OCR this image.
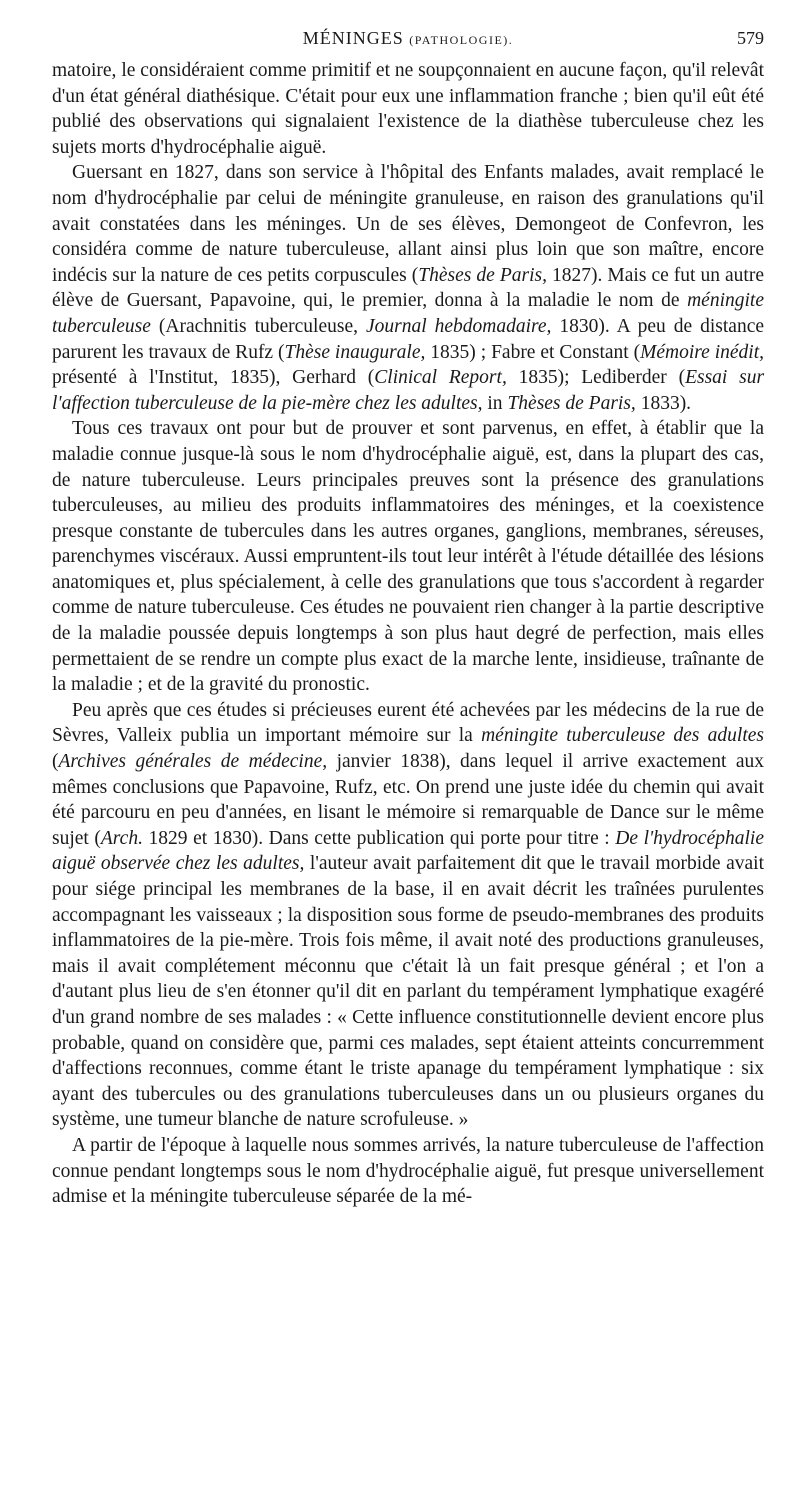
MÉNINGES (PATHOLOGIE).	579

matoire, le considéraient comme primitif et ne soupçonnaient en aucune façon, qu'il relevât d'un état général diathésique. C'était pour eux une inflammation franche ; bien qu'il eût été publié des observations qui signalaient l'existence de la diathèse tuberculeuse chez les sujets morts d'hydrocéphalie aiguë.

Guersant en 1827, dans son service à l'hôpital des Enfants malades, avait remplacé le nom d'hydrocéphalie par celui de méningite granuleuse, en raison des granulations qu'il avait constatées dans les méninges. Un de ses élèves, Demongeot de Confevron, les considéra comme de nature tuberculeuse, allant ainsi plus loin que son maître, encore indécis sur la nature de ces petits corpuscules (Thèses de Paris, 1827). Mais ce fut un autre élève de Guersant, Papavoine, qui, le premier, donna à la maladie le nom de méningite tuberculeuse (Arachnitis tuberculeuse, Journal hebdomadaire, 1830). A peu de distance parurent les travaux de Rufz (Thèse inaugurale, 1835) ; Fabre et Constant (Mémoire inédit, présenté à l'Institut, 1835), Gerhard (Clinical Report, 1835); Lediberder (Essai sur l'affection tuberculeuse de la pie-mère chez les adultes, in Thèses de Paris, 1833).

Tous ces travaux ont pour but de prouver et sont parvenus, en effet, à établir que la maladie connue jusque-là sous le nom d'hydrocéphalie aiguë, est, dans la plupart des cas, de nature tuberculeuse. Leurs principales preuves sont la présence des granulations tuberculeuses, au milieu des produits inflammatoires des méninges, et la coexistence presque constante de tubercules dans les autres organes, ganglions, membranes, séreuses, parenchymes viscéraux. Aussi empruntent-ils tout leur intérêt à l'étude détaillée des lésions anatomiques et, plus spécialement, à celle des granulations que tous s'accordent à regarder comme de nature tuberculeuse. Ces études ne pouvaient rien changer à la partie descriptive de la maladie poussée depuis longtemps à son plus haut degré de perfection, mais elles permettaient de se rendre un compte plus exact de la marche lente, insidieuse, traînante de la maladie ; et de la gravité du pronostic.

Peu après que ces études si précieuses eurent été achevées par les médecins de la rue de Sèvres, Valleix publia un important mémoire sur la méningite tuberculeuse des adultes (Archives générales de médecine, janvier 1838), dans lequel il arrive exactement aux mêmes conclusions que Papavoine, Rufz, etc. On prend une juste idée du chemin qui avait été parcouru en peu d'années, en lisant le mémoire si remarquable de Dance sur le même sujet (Arch. 1829 et 1830). Dans cette publication qui porte pour titre : De l'hydrocéphalie aiguë observée chez les adultes, l'auteur avait parfaitement dit que le travail morbide avait pour siége principal les membranes de la base, il en avait décrit les traînées purulentes accompagnant les vaisseaux ; la disposition sous forme de pseudo-membranes des produits inflammatoires de la pie-mère. Trois fois même, il avait noté des productions granuleuses, mais il avait complétement méconnu que c'était là un fait presque général ; et l'on a d'autant plus lieu de s'en étonner qu'il dit en parlant du tempérament lymphatique exagéré d'un grand nombre de ses malades : « Cette influence constitutionnelle devient encore plus probable, quand on considère que, parmi ces malades, sept étaient atteints concurremment d'affections reconnues, comme étant le triste apanage du tempérament lymphatique : six ayant des tubercules ou des granulations tuberculeuses dans un ou plusieurs organes du système, une tumeur blanche de nature scrofuleuse. »

A partir de l'époque à laquelle nous sommes arrivés, la nature tuberculeuse de l'affection connue pendant longtemps sous le nom d'hydrocéphalie aiguë, fut presque universellement admise et la méningite tuberculeuse séparée de la mé-
